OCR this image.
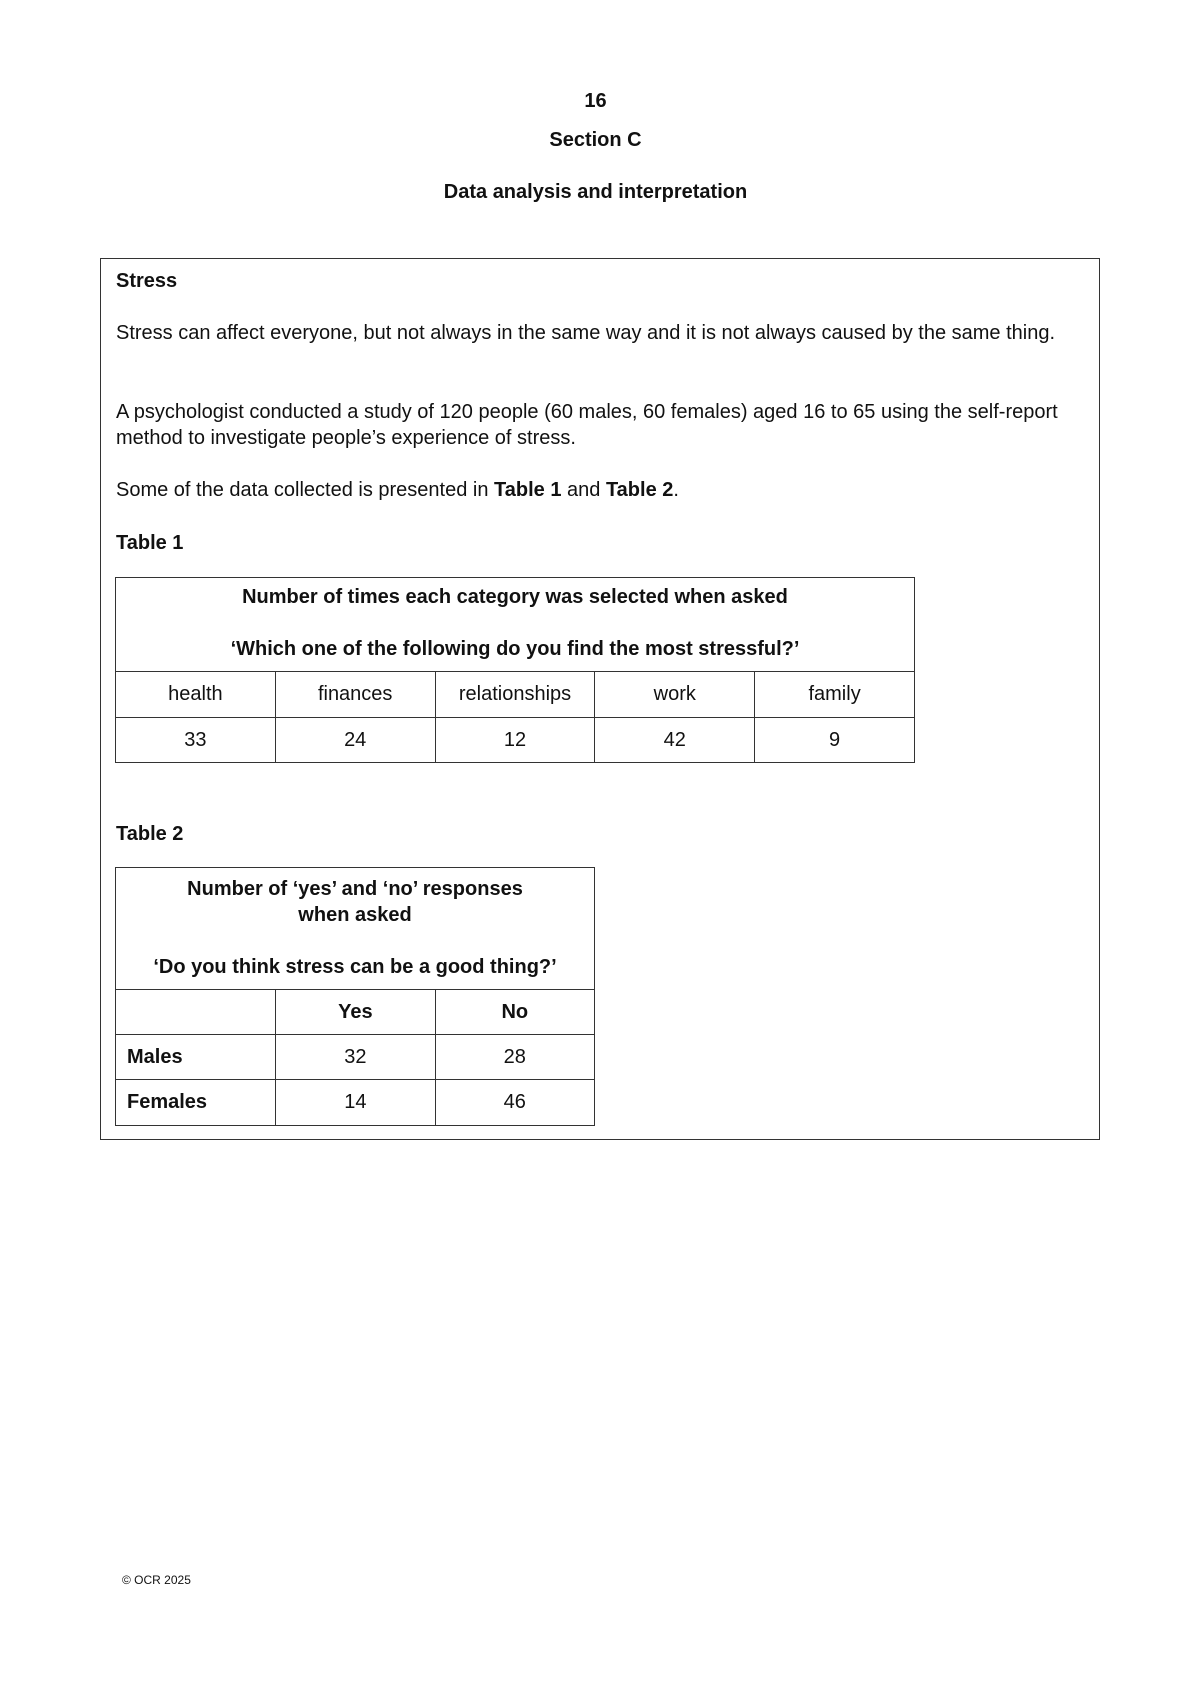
16
Section C
Data analysis and interpretation
Stress
Stress can affect everyone, but not always in the same way and it is not always caused by the same thing.
A psychologist conducted a study of 120 people (60 males, 60 females) aged 16 to 65 using the self-report method to investigate people’s experience of stress.
Some of the data collected is presented in Table 1 and Table 2.
Table 1
Number of times each category was selected when asked
‘Which one of the following do you find the most stressful?’				

health	finances	relationships	work	family
33	24	12	42	9
Table 2
Number of ‘yes’ and ‘no’ responses
when asked
‘Do you think stress can be a good thing?’		

	Yes	No
Males	32	28
Females	14	46
© OCR 2025
